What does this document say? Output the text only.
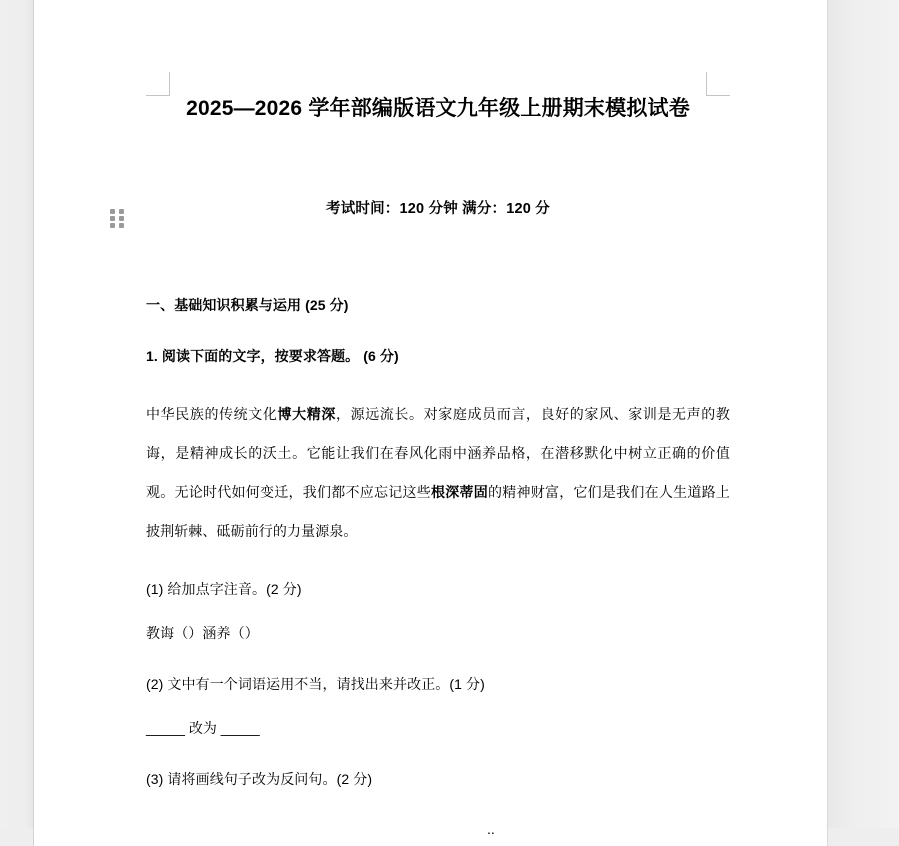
2025—2026 学年部编版语文九年级上册期末模拟试卷

考试时间：120 分钟 满分：120 分

一、基础知识积累与运用 (25 分)

1. 阅读下面的文字，按要求答题。 (6 分)

中华民族的传统文化博大精深，源远流长。对家庭成员而言，良好的家风、家训是无声的教诲，是精神成长的沃土。它能让我们在春风化雨中涵养品格，在潜移默化中树立正确的价值观。无论时代如何变迁，我们都不应忘记这些根深蒂固的精神财富，它们是我们在人生道路上披荆斩棘、砥砺前行的力量源泉。

(1) 给加点字注音。(2 分)

教诲（）涵养（）

(2) 文中有一个词语运用不当，请找出来并改正。(1 分)

_____ 改为 _____

(3) 请将画线句子改为反问句。(2 分)
